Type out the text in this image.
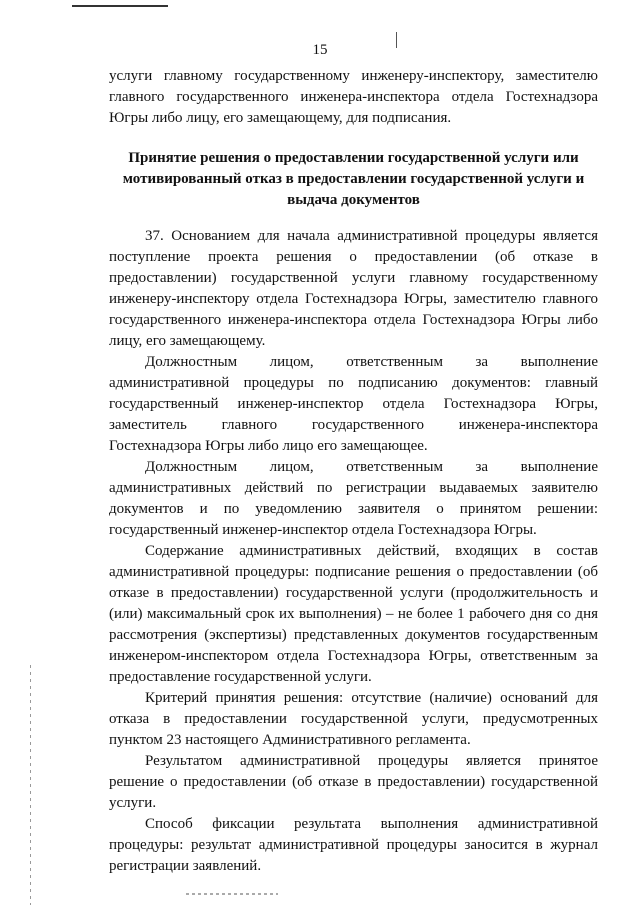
15

услуги главному государственному инженеру-инспектору, заместителю главного государственного инженера-инспектора отдела Гостехнадзора Югры либо лицу, его замещающему, для подписания.

Принятие решения о предоставлении государственной услуги или мотивированный отказ в предоставлении государственной услуги и выдача документов

37. Основанием для начала административной процедуры является поступление проекта решения о предоставлении (об отказе в предоставлении) государственной услуги главному государственному инженеру-инспектору отдела Гостехнадзора Югры, заместителю главного государственного инженера-инспектора отдела Гостехнадзора Югры либо лицу, его замещающему.

Должностным лицом, ответственным за выполнение административной процедуры по подписанию документов: главный государственный инженер-инспектор отдела Гостехнадзора Югры, заместитель главного государственного инженера-инспектора Гостехнадзора Югры либо лицо его замещающее.

Должностным лицом, ответственным за выполнение административных действий по регистрации выдаваемых заявителю документов и по уведомлению заявителя о принятом решении: государственный инженер-инспектор отдела Гостехнадзора Югры.

Содержание административных действий, входящих в состав административной процедуры: подписание решения о предоставлении (об отказе в предоставлении) государственной услуги (продолжительность и (или) максимальный срок их выполнения) – не более 1 рабочего дня со дня рассмотрения (экспертизы) представленных документов государственным инженером-инспектором отдела Гостехнадзора Югры, ответственным за предоставление государственной услуги.

Критерий принятия решения: отсутствие (наличие) оснований для отказа в предоставлении государственной услуги, предусмотренных пунктом 23 настоящего Административного регламента.

Результатом административной процедуры является принятое решение о предоставлении (об отказе в предоставлении) государственной услуги.

Способ фиксации результата выполнения административной процедуры: результат административной процедуры заносится в журнал регистрации заявлений.
